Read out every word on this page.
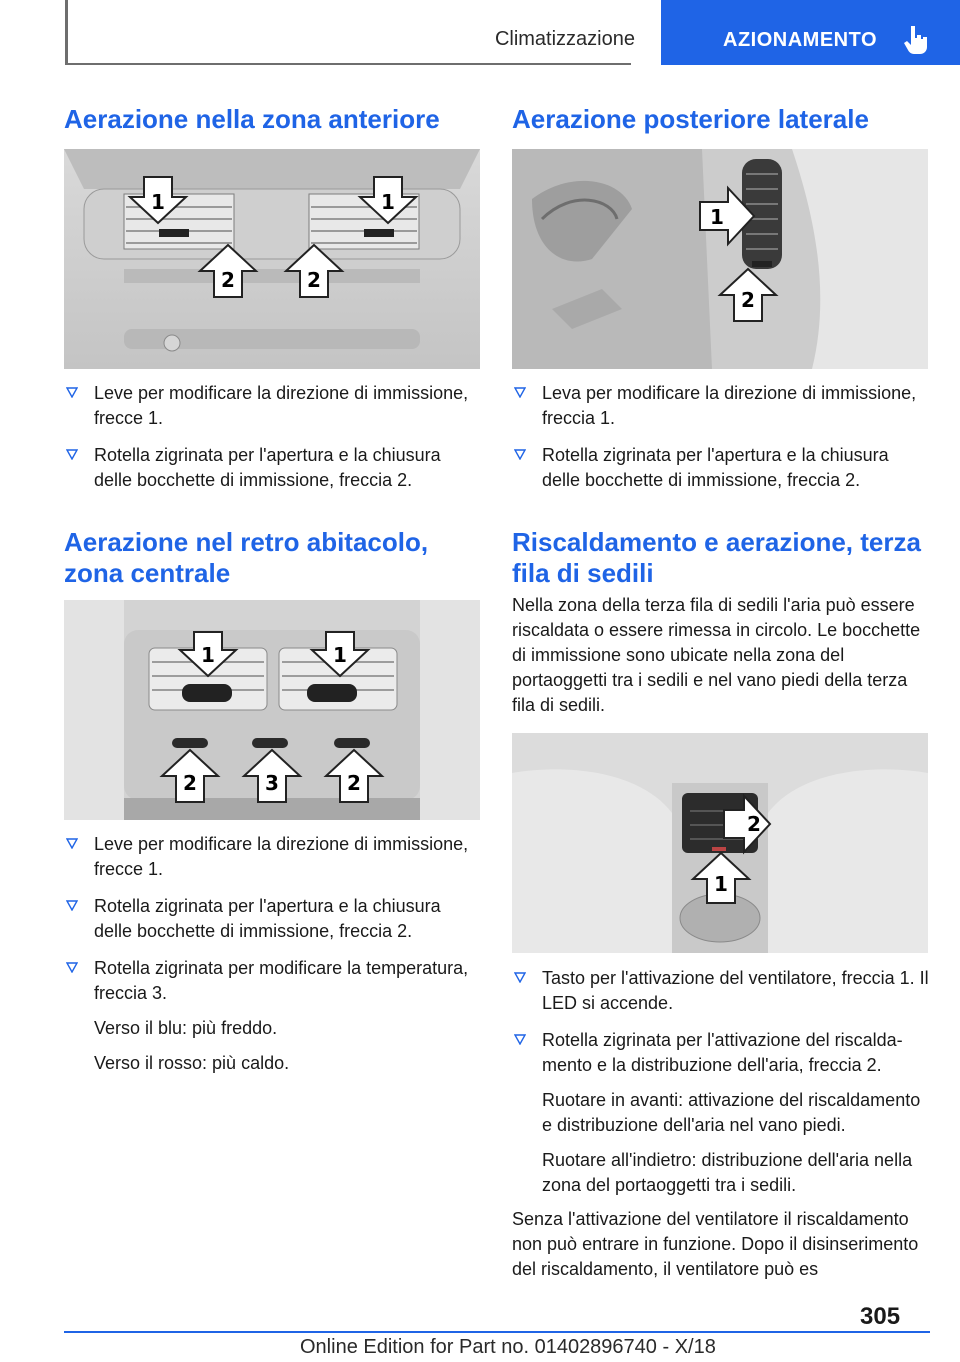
Climatizzazione	AZIONAMENTO
Aerazione nella zona anteriore
1	1
2	2

Leve per modificare la direzione di immissione, frecce 1.

Rotella zigrinata per l'apertura e la chiusura delle bocchette di immissione, freccia 2.

Aerazione nel retro abitacolo, zona centrale
1	1
2	3	2

Leve per modificare la direzione di immissione, frecce 1.

Rotella zigrinata per l'apertura e la chiusura delle bocchette di immissione, freccia 2.

Rotella zigrinata per modificare la temperatura, freccia 3.

Verso il blu: più freddo.

Verso il rosso: più caldo.

Aerazione posteriore laterale
1
2

Leva per modificare la direzione di immissione, freccia 1.

Rotella zigrinata per l'apertura e la chiusura delle bocchette di immissione, freccia 2.

Riscaldamento e aerazione, terza fila di sedili

Nella zona della terza fila di sedili l'aria può essere riscaldata o essere rimessa in circolo. Le bocchette di immissione sono ubicate nella zona del portaoggetti tra i sedili e nel vano piedi della terza fila di sedili.

2
1

Tasto per l'attivazione del ventilatore, freccia 1. Il LED si accende.

Rotella zigrinata per l'attivazione del riscaldamento e la distribuzione dell'aria, freccia 2.

Ruotare in avanti: attivazione del riscaldamento e distribuzione dell'aria nel vano piedi.

Ruotare all'indietro: distribuzione dell'aria nella zona del portaoggetti tra i sedili.

Senza l'attivazione del ventilatore il riscaldamento non può entrare in funzione. Dopo il disinserimento del riscaldamento, il ventilatore può es

305
Online Edition for Part no. 01402896740 - X/18
